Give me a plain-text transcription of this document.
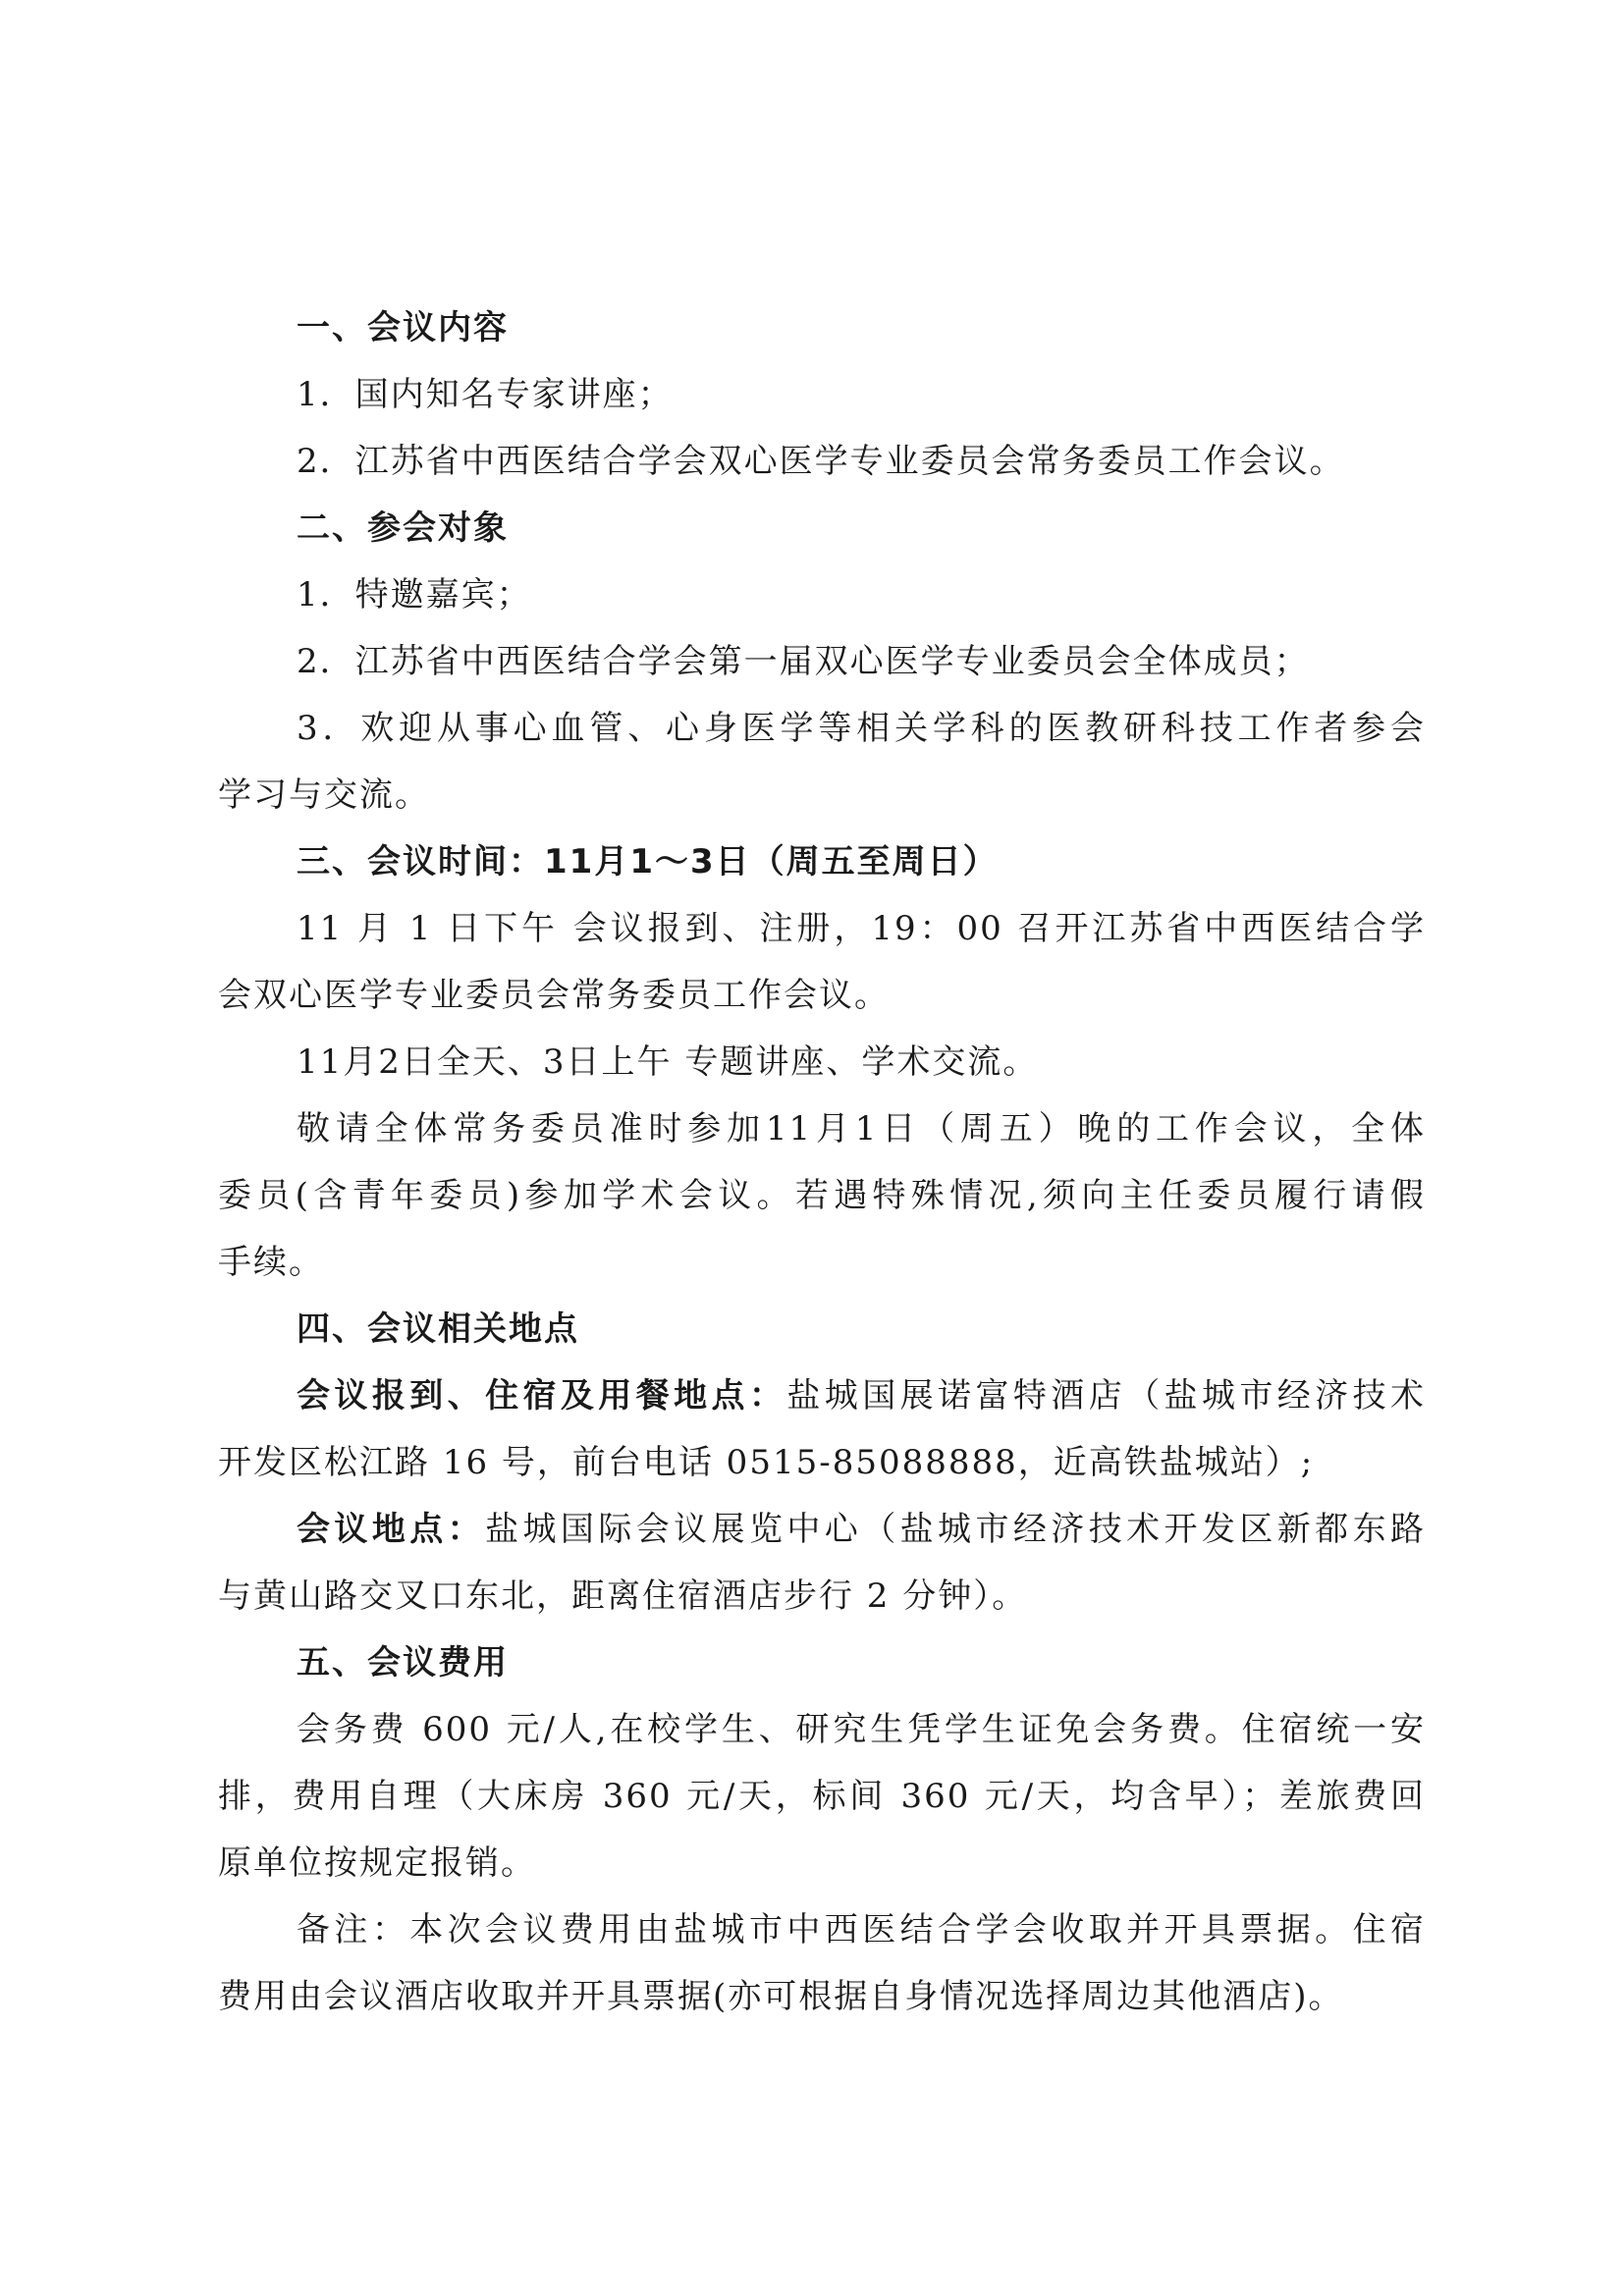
一、会议内容
1．国内知名专家讲座；
2．江苏省中西医结合学会双心医学专业委员会常务委员工作会议。
二、参会对象
1．特邀嘉宾；
2．江苏省中西医结合学会第一届双心医学专业委员会全体成员；
3．欢迎从事心血管、心身医学等相关学科的医教研科技工作者参会
学习与交流。
三、会议时间：11月1～3日（周五至周日）
11 月 1 日下午 会议报到、注册，19：00 召开江苏省中西医结合学
会双心医学专业委员会常务委员工作会议。
11月2日全天、3日上午 专题讲座、学术交流。
敬请全体常务委员准时参加11月1日（周五）晚的工作会议，全体
委员(含青年委员)参加学术会议。若遇特殊情况,须向主任委员履行请假
手续。
四、会议相关地点
会议报到、住宿及用餐地点：盐城国展诺富特酒店（盐城市经济技术
开发区松江路 16 号，前台电话 0515-85088888，近高铁盐城站）;
会议地点：盐城国际会议展览中心（盐城市经济技术开发区新都东路
与黄山路交叉口东北，距离住宿酒店步行 2 分钟）。
五、会议费用
会务费 600 元/人,在校学生、研究生凭学生证免会务费。住宿统一安
排，费用自理（大床房 360 元/天，标间 360 元/天，均含早）；差旅费回
原单位按规定报销。
备注：本次会议费用由盐城市中西医结合学会收取并开具票据。住宿
费用由会议酒店收取并开具票据(亦可根据自身情况选择周边其他酒店)。
